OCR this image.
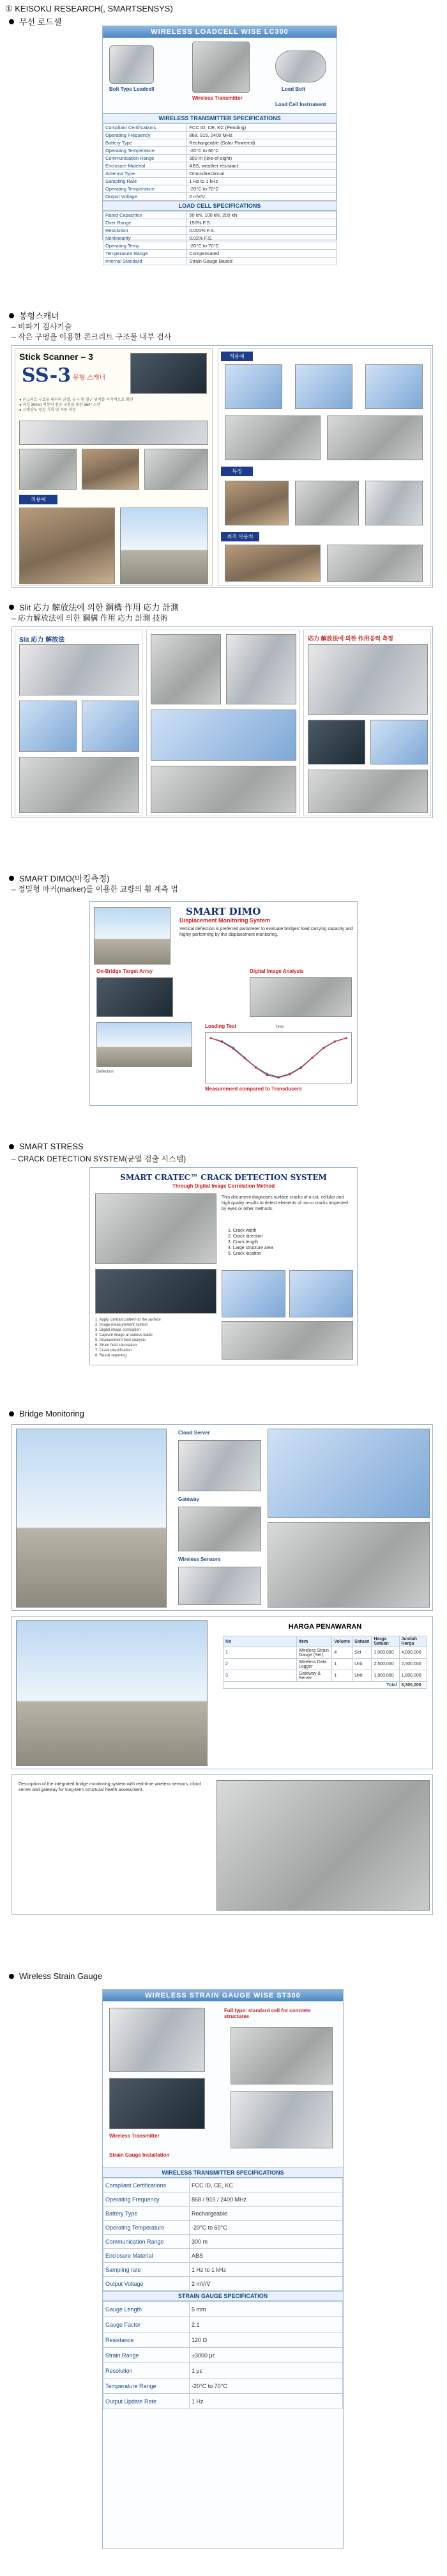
① KEISOKU RESEARCH(, SMARTSENSYS)
무선 로드셀
WIRELESS LOADCELL WISE LC300
Bolt Type Loadcell
Wireless Transmitter
Load Bolt
Load Cell Instrument
WIRELESS TRANSMITTER SPECIFICATIONS
Compliant Certifications	FCC ID, CE, KC (Pending)
Operating Frequency	868, 915, 2400 MHz
Battery Type	Rechargeable (Solar Powered)
Operating Temperature	-20°C to 60°C
Communication Range	300 m (line-of-sight)
Enclosure Material	ABS, weather resistant
Antenna Type	Omni-directional
Sampling Rate	1 Hz to 1 kHz
Operating Temperature	-20°C to 70°C
Output Voltage	2 mV/V
LOAD CELL SPECIFICATIONS
Rated Capacities	50 kN, 100 kN, 200 kN
Over Range	150% F.S.
Resolution	0.001% F.S.
Nonlinearity	0.02% F.S.
Operating Temp.	-20°C to 70°C
Temperature Range	Compensated
Internal Standard	Strain Gauge Based
봉형스캐너
– 비파기 검사기술
– 작은 구멍을 이용한 콘크리트 구조물 내부 검사
Stick Scanner – 3
SS-3 봉형 스캐너
● 콘크리트 구조물 내부의 균열, 공극 및 철근 위치를 시각적으로 확인
● 직경 30mm 이상의 천공 구멍을 통한 360° 스캔
● 고해상도 영상 기록 및 자동 저장
적용예
적용예
특징
최적 사용처
Slit 応力 解放法에 의한 鋼構 作用 応力 計測
– 応力解放法에 의한 鋼構 作用 応力 計測 技術
Slit 応力 解放法	応力 解放法에 의한 作用응력 측정
SMART DIMO(마킹측정)
– 정밀형 마커(marker)를 이용한 교량의 휨 계측 법
SMART DIMO
Displacement Monitoring System
Vertical deflection is preferred parameter to evaluate bridges' load carrying capacity and highly performing by the displacement monitoring.
On-Bridge Target Array	Digital Image Analysis
Loading Test
Measurement compared to Transducers
Time
Deflection
SMART STRESS
– CRACK DETECTION SYSTEM(균열 검출 시스템)
SMART CRATEC™ CRACK DETECTION SYSTEM
Through Digital Image Correlation Method
This document diagnoses surface cracks of a cut, cellular and high quality results to detect elements of micro cracks inspected by eyes or other methods.
1. Crack width
2. Crack direction
3. Crack length
4. Large structure area
5. Crack location
1. Apply contrast pattern to the surface
2. Image measurement system
3. Digital image correlation
4. Capture image at various loads
5. Displacement field analysis
6. Strain field calculation
7. Crack identification
8. Result reporting
Bridge Monitoring
Cloud Server
Gateway
Wireless Sensors
HARGA PENAWARAN
No	Item	Volume	Satuan	Harga Satuan	Jumlah Harga
1	Wireless Strain Gauge (Set)	4	Set	1,000,000	4,000,000
2	Wireless Data Logger	1	Unit	2,500,000	2,500,000
3	Gateway & Server	1	Unit	1,800,000	1,800,000
Total					8,300,000
Description of the integrated bridge monitoring system with real-time wireless sensors, cloud server and gateway for long-term structural health assessment.
Wireless Strain Gauge
WIRELESS STRAIN GAUGE WISE ST300
Full type: standard cell for concrete structures
Wireless Transmitter
Strain Gauge Installation
WIRELESS TRANSMITTER SPECIFICATIONS
Compliant Certifications	FCC ID, CE, KC
Operating Frequency	868 / 915 / 2400 MHz
Battery Type	Rechargeable
Operating Temperature	-20°C to 60°C
Communication Range	300 m
Enclosure Material	ABS
Sampling rate	1 Hz to 1 kHz
Output Voltage	2 mV/V
STRAIN GAUGE SPECIFICATION
Gauge Length	5 mm
Gauge Factor	2.1
Resistance	120 Ω
Strain Range	±3000 με
Resolution	1 με
Temperature Range	-20°C to 70°C
Output Update Rate	1 Hz
